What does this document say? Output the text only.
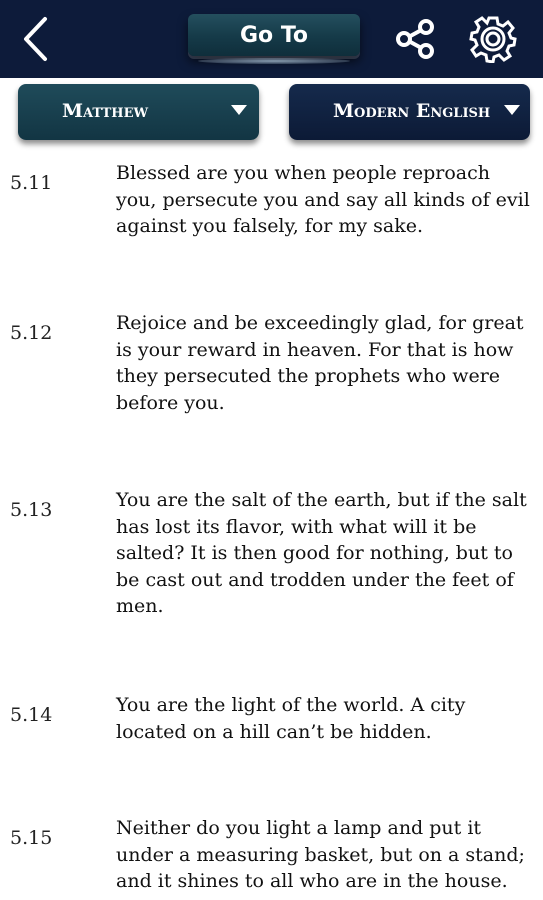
Go To
Matthew	Modern English
5.11	Blessed are you when people reproach you, persecute you and say all kinds of evil against you falsely, for my sake.
5.12	Rejoice and be exceedingly glad, for great is your reward in heaven. For that is how they persecuted the prophets who were before you.
5.13	You are the salt of the earth, but if the salt has lost its flavor, with what will it be salted? It is then good for nothing, but to be cast out and trodden under the feet of men.
5.14	You are the light of the world. A city located on a hill can’t be hidden.
5.15	Neither do you light a lamp and put it under a measuring basket, but on a stand; and it shines to all who are in the house.
